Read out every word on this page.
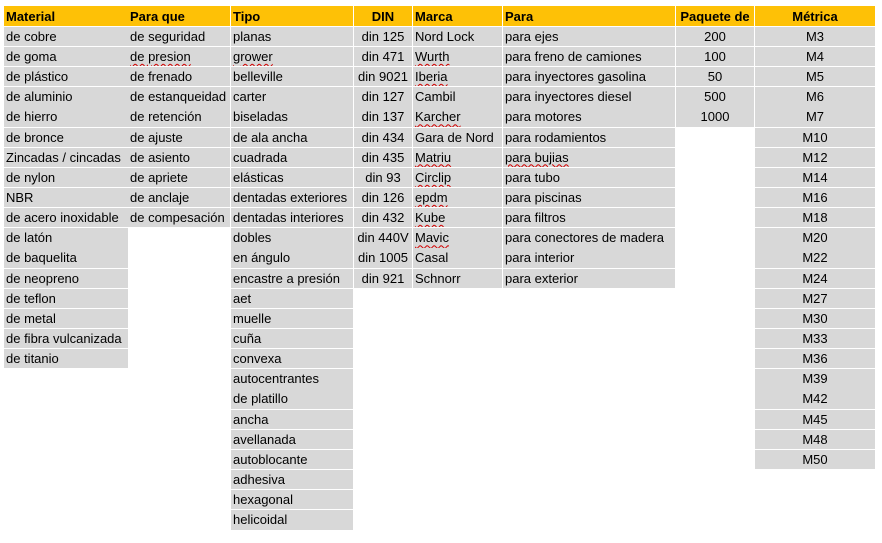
Material
de cobre
de goma
de plástico
de aluminio
de hierro
de bronce
Zincadas / cincadas
de nylon
NBR
de acero inoxidable
de latón
de baquelita
de neopreno
de teflon
de metal
de fibra vulcanizada
de titanio
Para que
de seguridad
de presion
de frenado
de estanqueidad
de retención
de ajuste
de asiento
de apriete
de anclaje
de compesación
Tipo
planas
grower
belleville
carter
biseladas
de ala ancha
cuadrada
elásticas
dentadas exteriores
dentadas interiores
dobles
en ángulo
encastre a presión
aet
muelle
cuña
convexa
autocentrantes
de platillo
ancha
avellanada
autoblocante
adhesiva
hexagonal
helicoidal
DIN
din 125
din 471
din 9021
din 127
din 137
din 434
din 435
din 93
din 126
din 432
din 440V
din 1005
din 921
Marca
Nord Lock
Wurth
Iberia
Cambil
Karcher
Gara de Nord
Matriu
Circlip
epdm
Kube
Mavic
Casal
Schnorr
Para
para ejes
para freno de camiones
para inyectores gasolina
para inyectores diesel
para motores
para rodamientos
para bujias
para tubo
para piscinas
para filtros
para conectores de madera
para interior
para exterior
Paquete de
200
100
50
500
1000
Métrica
M3
M4
M5
M6
M7
M10
M12
M14
M16
M18
M20
M22
M24
M27
M30
M33
M36
M39
M42
M45
M48
M50
